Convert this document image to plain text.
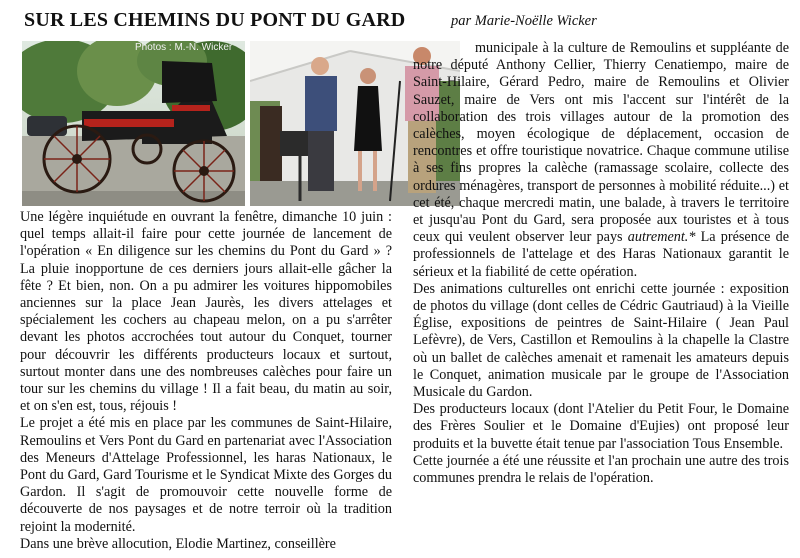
SUR LES CHEMINS DU PONT DU GARD	par Marie-Noëlle Wicker
Photos : M.-N. Wicker

Une légère inquiétude en ouvrant la fenêtre, dimanche 10 juin : quel temps allait-il faire pour cette journée de lancement de l'opération « En diligence sur les chemins du Pont du Gard » ? La pluie inopportune de ces derniers jours allait-elle gâcher la fête ? Et bien, non. On a pu admirer les voitures hippomobiles anciennes sur la place Jean Jaurès, les divers attelages et spécialement les cochers au chapeau melon, on a pu s'arrêter devant les photos accrochées tout autour du Conquet, tourner pour découvrir les différents producteurs locaux et surtout, surtout monter dans une des nombreuses calèches pour faire un tour sur les chemins du village ! Il a fait beau, du matin au soir, et on s'en est, tous, réjouis !

Le projet a été mis en place par les communes de Saint-Hilaire, Remoulins et Vers Pont du Gard en partenariat avec l'Association des Meneurs d'Attelage Professionnel, les haras Nationaux, le Pont du Gard, Gard Tourisme et le Syndicat Mixte des Gorges du Gardon. Il s'agit de promouvoir cette nouvelle forme de découverte de nos paysages et de notre terroir où la tradition rejoint la modernité.

Dans une brève allocution, Elodie Martinez, conseillère

municipale à la culture de Remoulins et suppléante de notre député Anthony Cellier, Thierry Cenatiempo, maire de Saint-Hilaire, Gérard Pedro, maire de Remoulins et Olivier Sauzet, maire de Vers ont mis l'accent sur l'intérêt de la collaboration des trois villages autour de la promotion des calèches, moyen écologique de déplacement, occasion de rencontres et offre touristique novatrice. Chaque commune utilise à ses fins propres la calèche (ramassage scolaire, collecte des ordures ménagères, transport de personnes à mobilité réduite...) et cet été, chaque mercredi matin, une balade, à travers le territoire et jusqu'au Pont du Gard, sera proposée aux touristes et à tous ceux qui veulent observer leur pays autrement.* La présence de professionnels de l'attelage et des Haras Nationaux garantit le sérieux et la fiabilité de cette opération.

Des animations culturelles ont enrichi cette journée : exposition de photos du village (dont celles de Cédric Gautriaud) à la Vieille Église, expositions de peintres de Saint-Hilaire ( Jean Paul Lefèvre), de Vers, Castillon et Remoulins à la chapelle la Clastre où un ballet de calèches amenait et ramenait les amateurs depuis le Conquet, animation musicale par le groupe de l'Association Musicale du Gardon.

Des producteurs locaux (dont l'Atelier du Petit Four, le Domaine des Frères Soulier et le Domaine d'Eujies) ont proposé leur produits et la buvette était tenue par l'association Tous Ensemble.

Cette journée a été une réussite et l'an prochain une autre des trois communes prendra le relais de l'opération.
